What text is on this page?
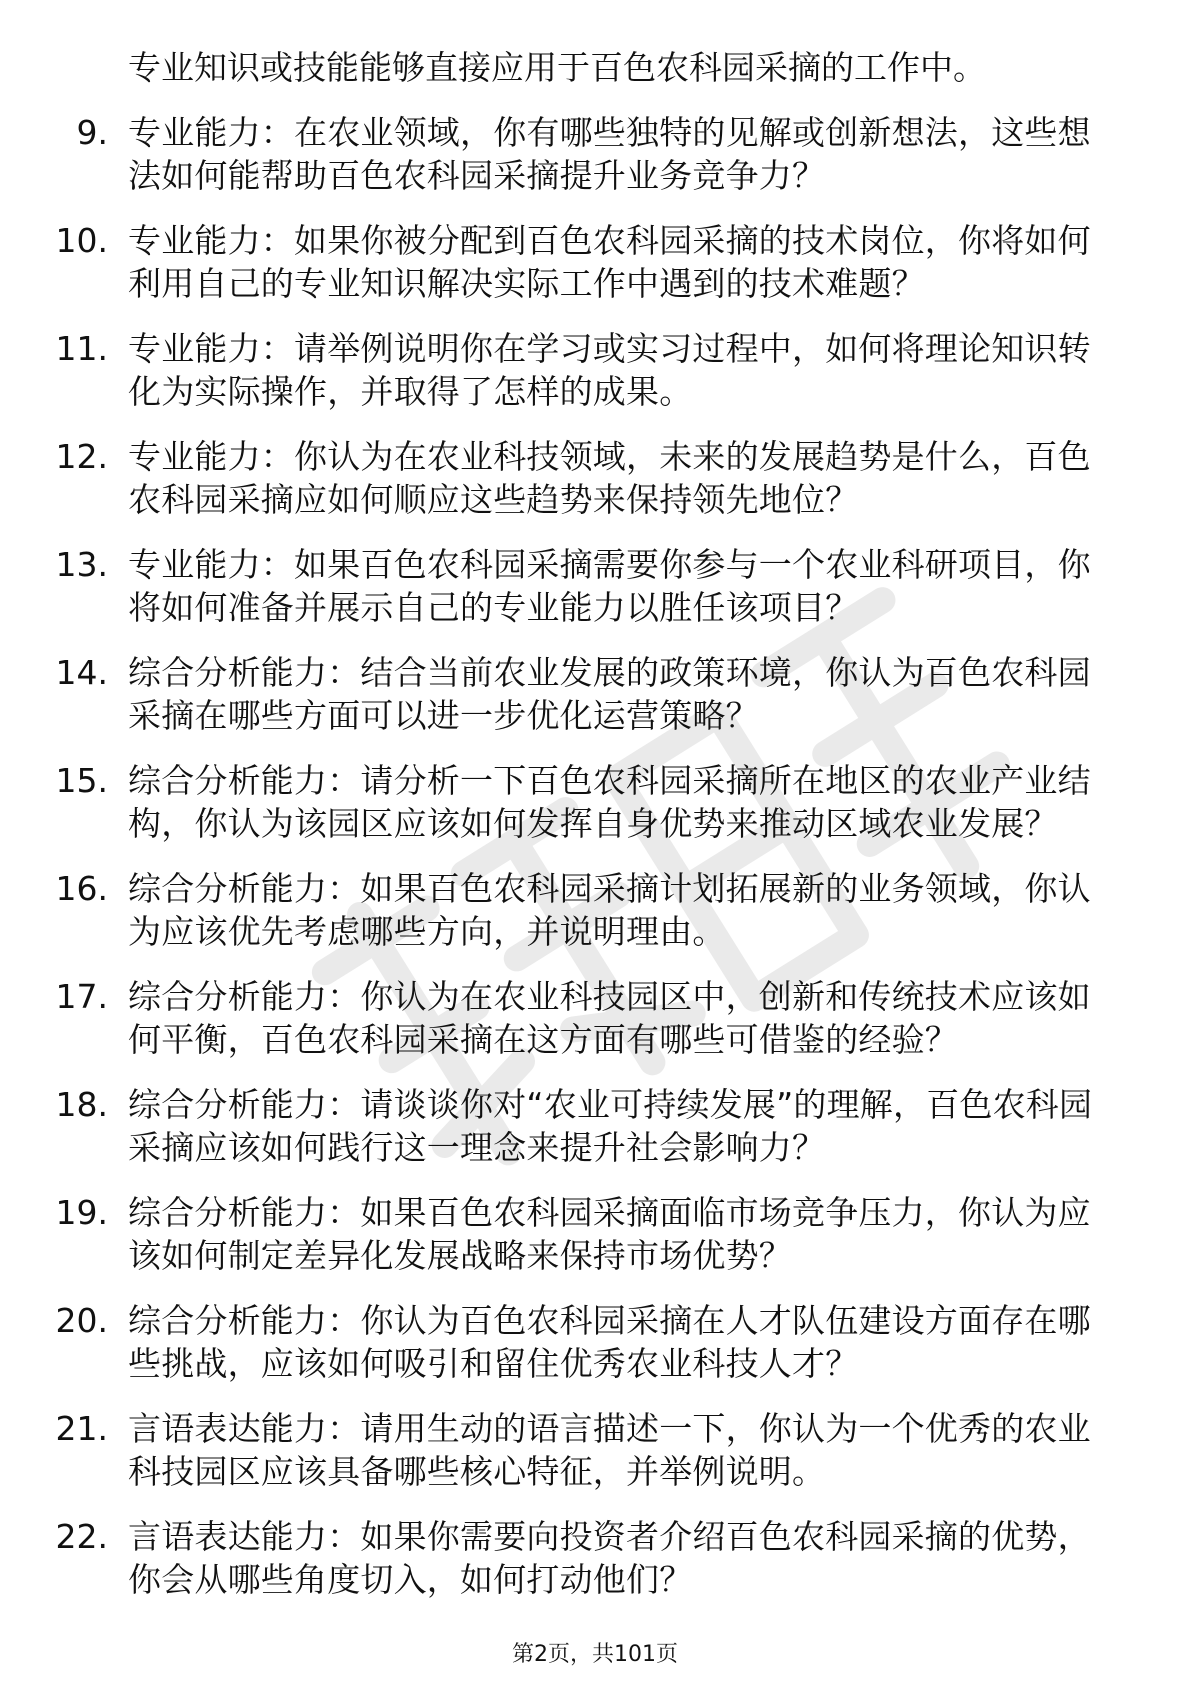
专业知识或技能能够直接应用于百色农科园采摘的工作中。
9. 专业能力：在农业领域，你有哪些独特的见解或创新想法，这些想法如何能帮助百色农科园采摘提升业务竞争力？
10. 专业能力：如果你被分配到百色农科园采摘的技术岗位，你将如何利用自己的专业知识解决实际工作中遇到的技术难题？
11. 专业能力：请举例说明你在学习或实习过程中，如何将理论知识转化为实际操作，并取得了怎样的成果。
12. 专业能力：你认为在农业科技领域，未来的发展趋势是什么，百色农科园采摘应如何顺应这些趋势来保持领先地位？
13. 专业能力：如果百色农科园采摘需要你参与一个农业科研项目，你将如何准备并展示自己的专业能力以胜任该项目？
14. 综合分析能力：结合当前农业发展的政策环境，你认为百色农科园采摘在哪些方面可以进一步优化运营策略？
15. 综合分析能力：请分析一下百色农科园采摘所在地区的农业产业结构，你认为该园区应该如何发挥自身优势来推动区域农业发展？
16. 综合分析能力：如果百色农科园采摘计划拓展新的业务领域，你认为应该优先考虑哪些方向，并说明理由。
17. 综合分析能力：你认为在农业科技园区中，创新和传统技术应该如何平衡，百色农科园采摘在这方面有哪些可借鉴的经验？
18. 综合分析能力：请谈谈你对“农业可持续发展”的理解，百色农科园采摘应该如何践行这一理念来提升社会影响力？
19. 综合分析能力：如果百色农科园采摘面临市场竞争压力，你认为应该如何制定差异化发展战略来保持市场优势？
20. 综合分析能力：你认为百色农科园采摘在人才队伍建设方面存在哪些挑战，应该如何吸引和留住优秀农业科技人才？
21. 言语表达能力：请用生动的语言描述一下，你认为一个优秀的农业科技园区应该具备哪些核心特征，并举例说明。
22. 言语表达能力：如果你需要向投资者介绍百色农科园采摘的优势，你会从哪些角度切入，如何打动他们？
第2页，共101页
